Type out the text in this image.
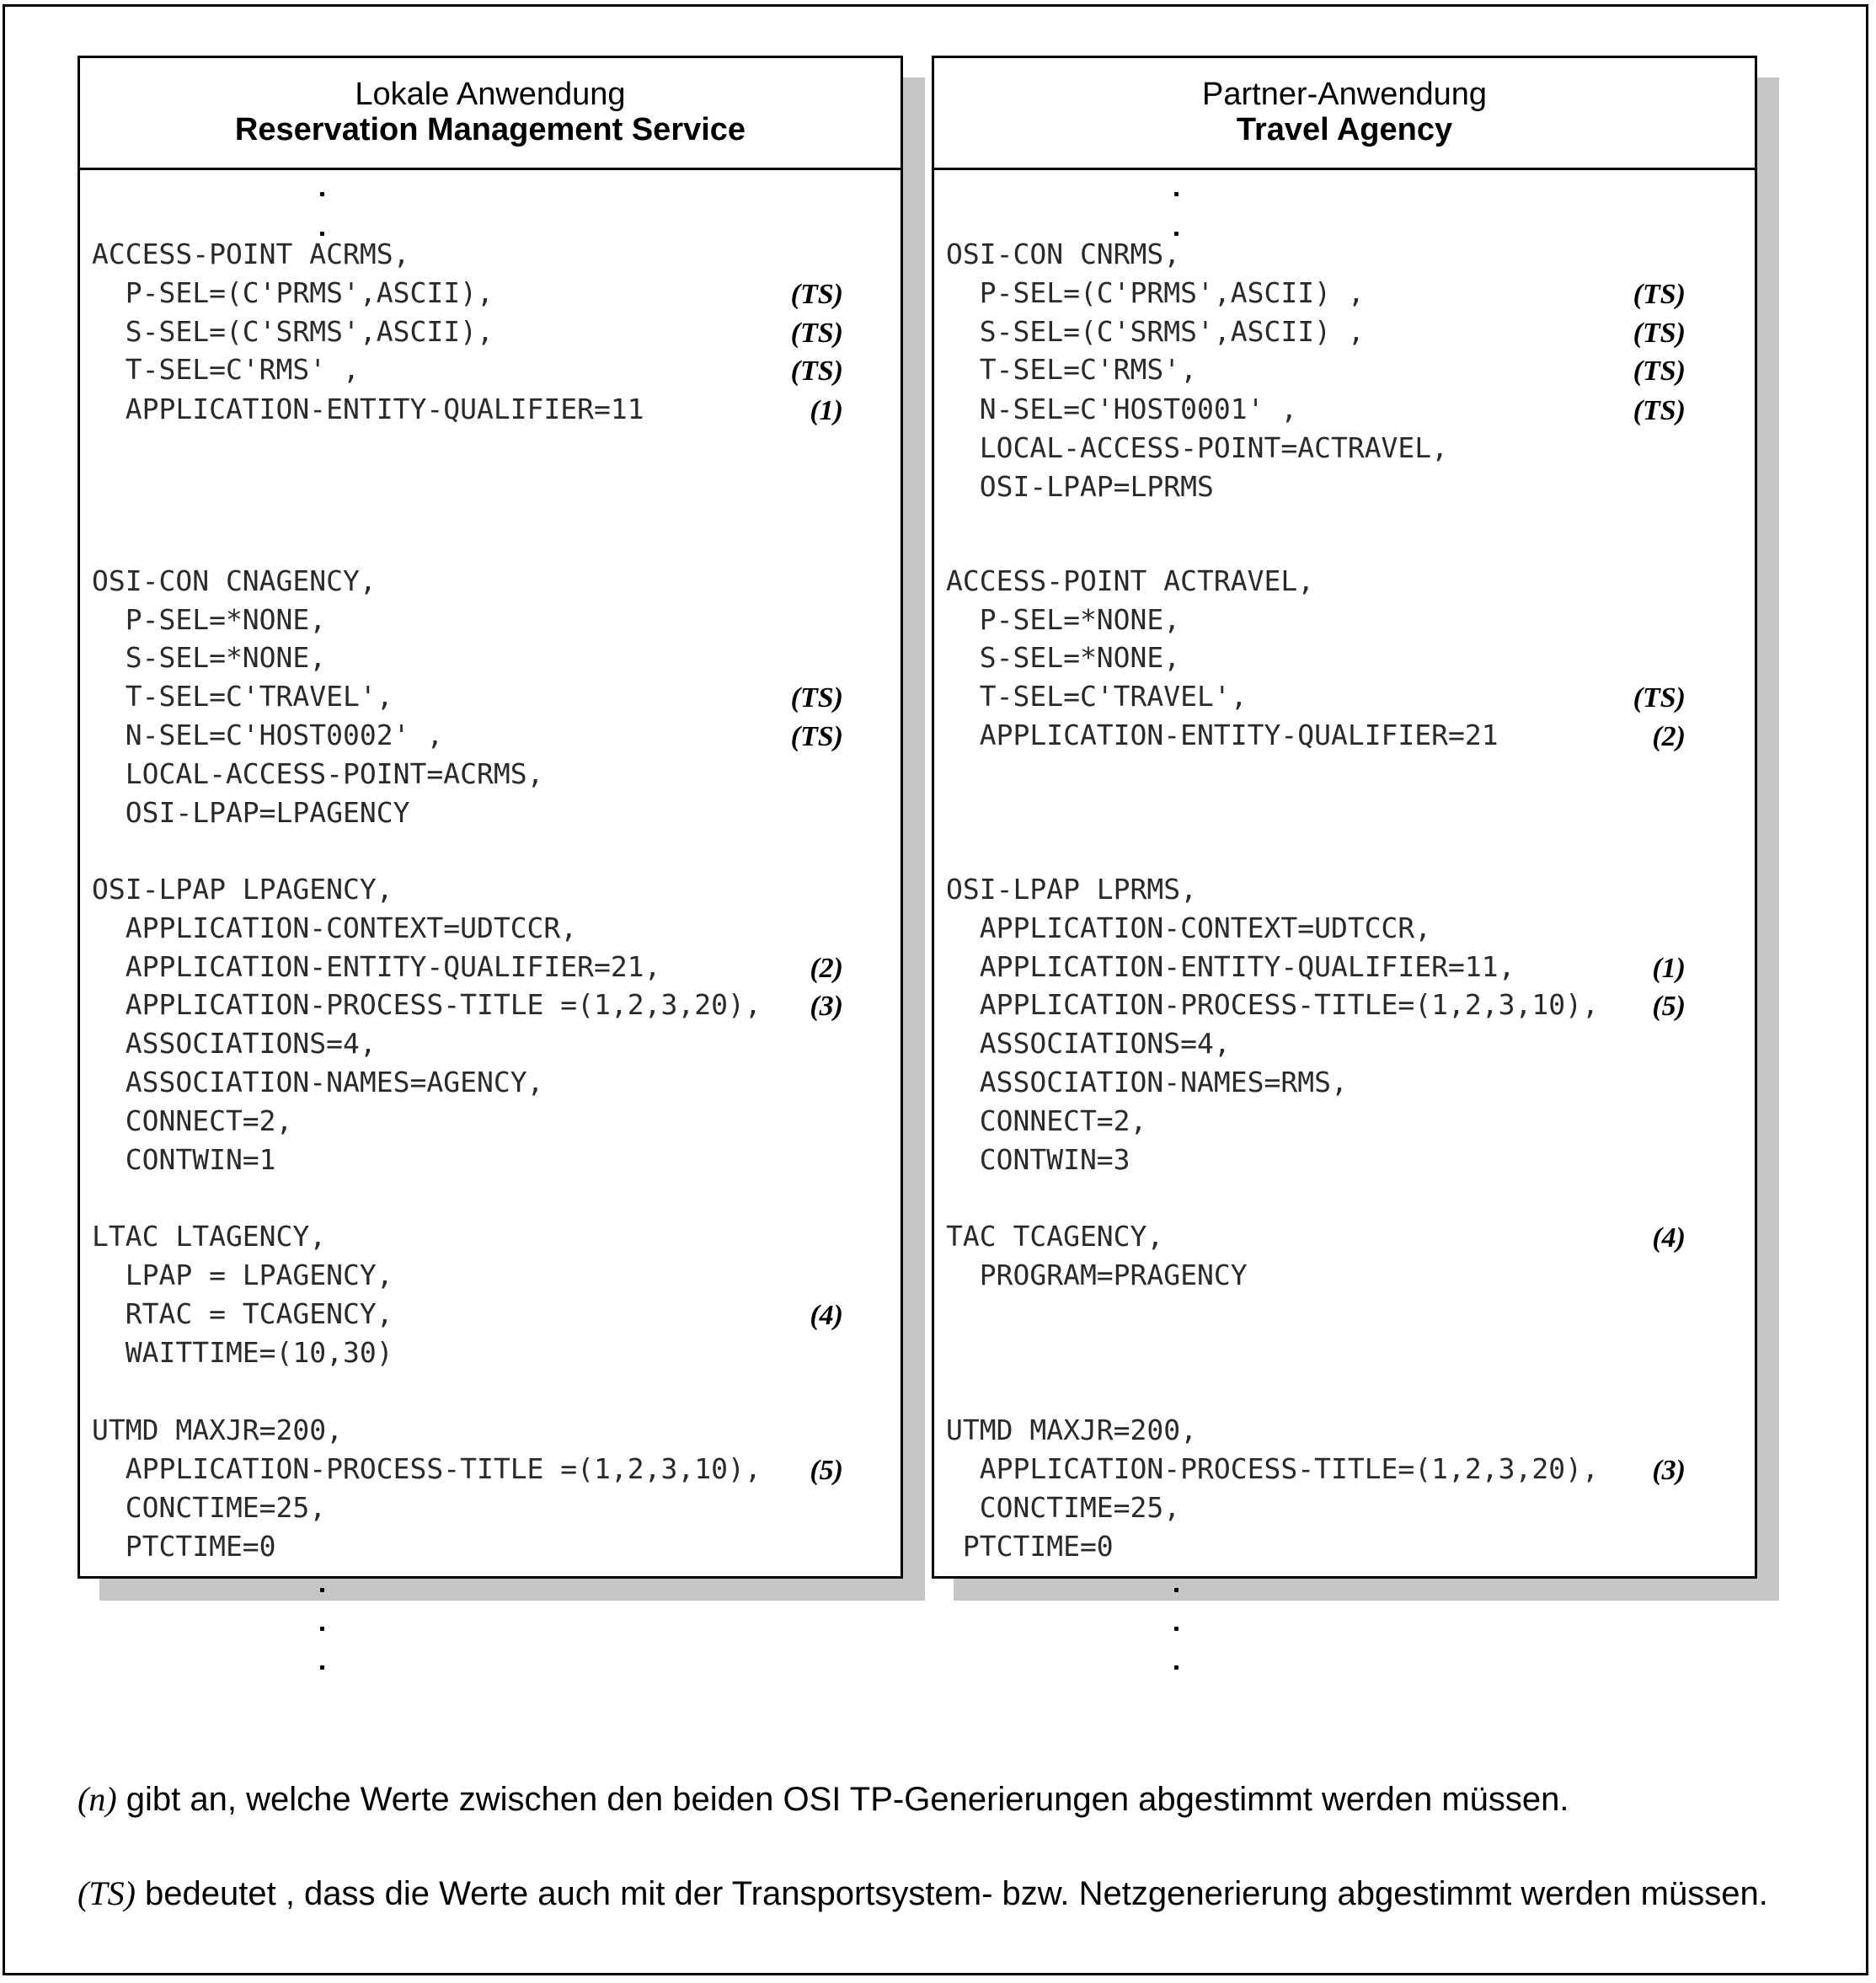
Lokale Anwendung
Reservation Management Service
ACCESS-POINT ACRMS,
P-SEL=(C'PRMS',ASCII),	(TS)
S-SEL=(C'SRMS',ASCII),	(TS)
T-SEL=C'RMS' ,	(TS)
APPLICATION-ENTITY-QUALIFIER=11	(1)
OSI-CON CNAGENCY,
P-SEL=*NONE,
S-SEL=*NONE,
T-SEL=C'TRAVEL',	(TS)
N-SEL=C'HOST0002' ,	(TS)
LOCAL-ACCESS-POINT=ACRMS,
OSI-LPAP=LPAGENCY
OSI-LPAP LPAGENCY,
APPLICATION-CONTEXT=UDTCCR,
APPLICATION-ENTITY-QUALIFIER=21,	(2)
APPLICATION-PROCESS-TITLE =(1,2,3,20), (3)
ASSOCIATIONS=4,
ASSOCIATION-NAMES=AGENCY,
CONNECT=2,
CONTWIN=1
LTAC LTAGENCY,
LPAP = LPAGENCY,
RTAC = TCAGENCY,	(4)
WAITTIME=(10,30)
UTMD MAXJR=200,
APPLICATION-PROCESS-TITLE =(1,2,3,10), (5)
CONCTIME=25,
PTCTIME=0
Partner-Anwendung
Travel Agency
OSI-CON CNRMS,
P-SEL=(C'PRMS',ASCII) ,	(TS)
S-SEL=(C'SRMS',ASCII) ,	(TS)
T-SEL=C'RMS',	(TS)
N-SEL=C'HOST0001' ,	(TS)
LOCAL-ACCESS-POINT=ACTRAVEL,
OSI-LPAP=LPRMS
ACCESS-POINT ACTRAVEL,
P-SEL=*NONE,
S-SEL=*NONE,
T-SEL=C'TRAVEL',	(TS)
APPLICATION-ENTITY-QUALIFIER=21	(2)
OSI-LPAP LPRMS,
APPLICATION-CONTEXT=UDTCCR,
APPLICATION-ENTITY-QUALIFIER=11,	(1)
APPLICATION-PROCESS-TITLE=(1,2,3,10), (5)
ASSOCIATIONS=4,
ASSOCIATION-NAMES=RMS,
CONNECT=2,
CONTWIN=3
TAC TCAGENCY,	(4)
PROGRAM=PRAGENCY
UTMD MAXJR=200,
APPLICATION-PROCESS-TITLE=(1,2,3,20), (3)
CONCTIME=25,
PTCTIME=0
(n) gibt an, welche Werte zwischen den beiden OSI TP-Generierungen abgestimmt werden müssen.
(TS) bedeutet , dass die Werte auch mit der Transportsystem- bzw. Netzgenerierung abgestimmt werden müssen.
